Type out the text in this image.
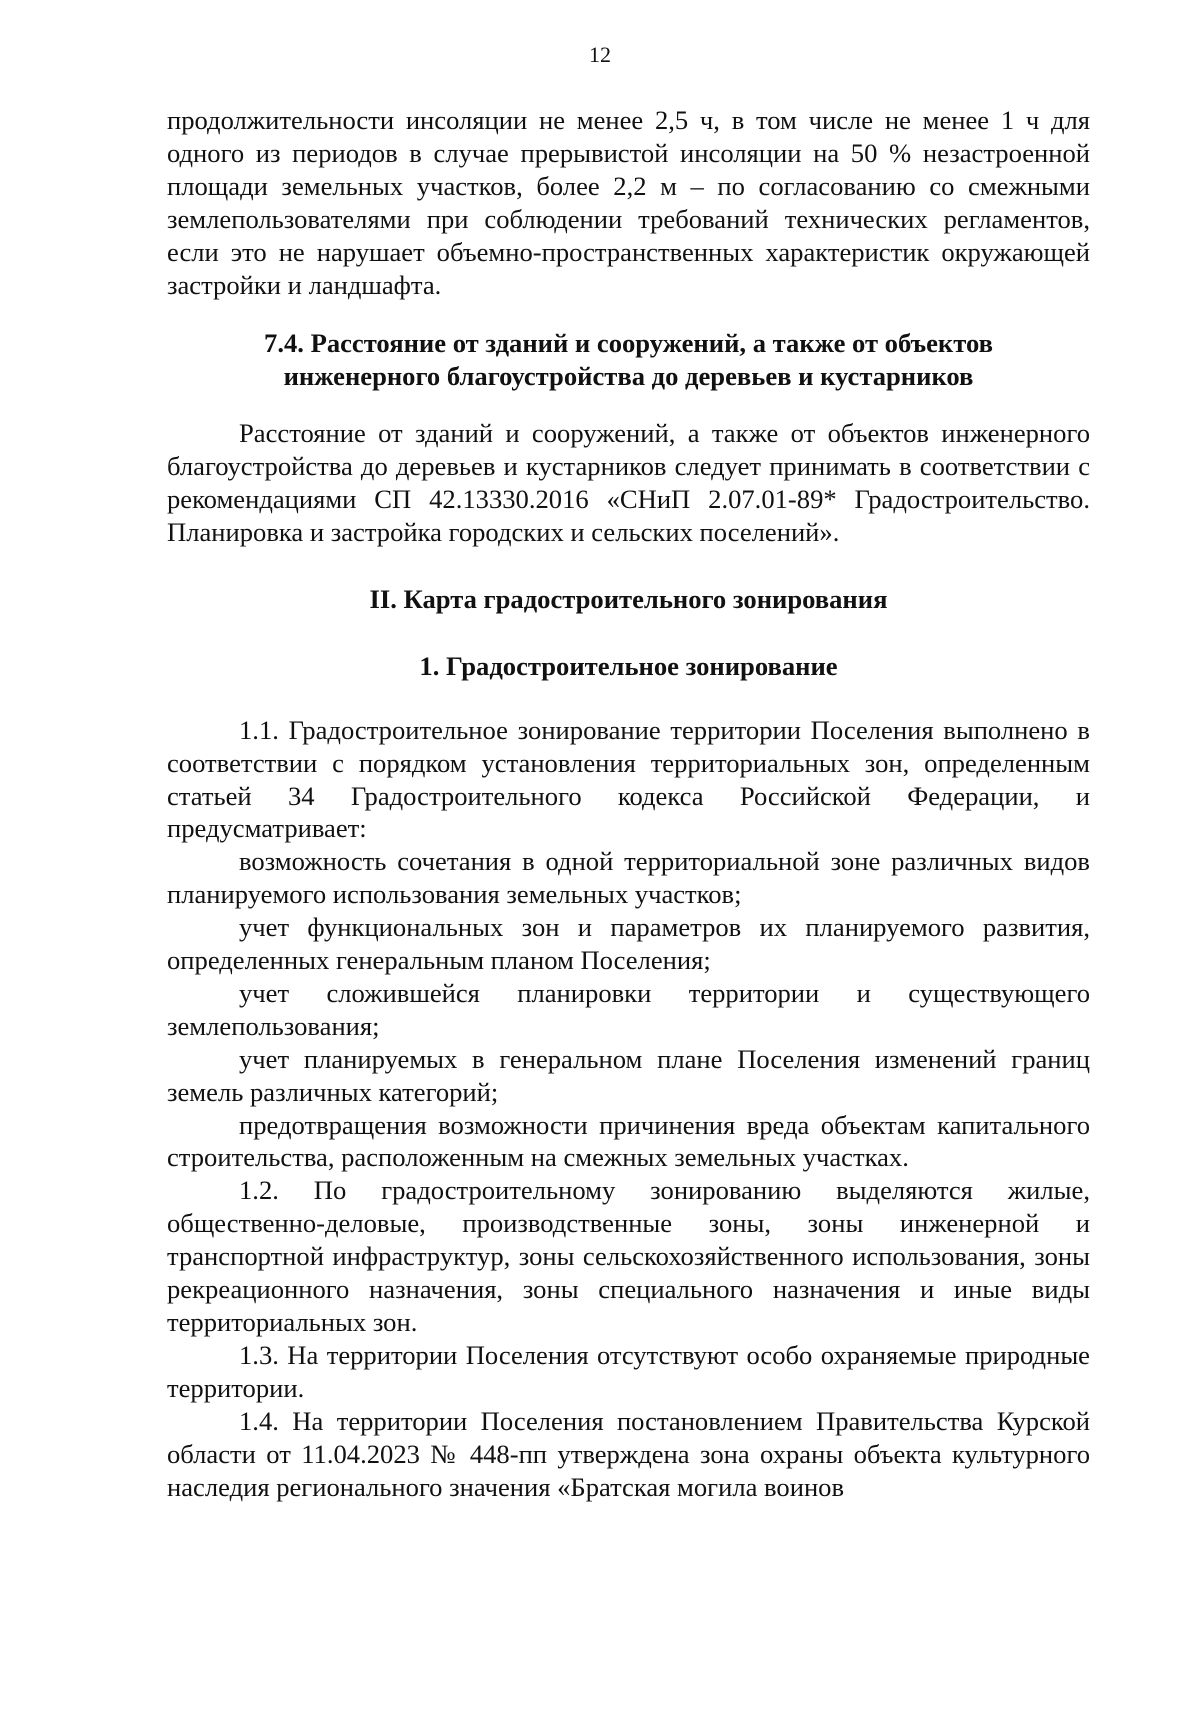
12

продолжительности инсоляции не менее 2,5 ч, в том числе не менее 1 ч для одного из периодов в случае прерывистой инсоляции на 50 % незастроенной площади земельных участков, более 2,2 м – по согласованию со смежными землепользователями при соблюдении требований технических регламентов, если это не нарушает объемно-пространственных характеристик окружающей застройки и ландшафта.

7.4. Расстояние от зданий и сооружений, а также от объектов
инженерного благоустройства до деревьев и кустарников

Расстояние от зданий и сооружений, а также от объектов инженерного благоустройства до деревьев и кустарников следует принимать в соответствии с рекомендациями СП 42.13330.2016 «СНиП 2.07.01-89* Градостроительство. Планировка и застройка городских и сельских поселений».

II. Карта градостроительного зонирования
1. Градостроительное зонирование

1.1. Градостроительное зонирование территории Поселения выполнено в соответствии с порядком установления территориальных зон, определенным статьей 34 Градостроительного кодекса Российской Федерации, и предусматривает:

возможность сочетания в одной территориальной зоне различных видов планируемого использования земельных участков;

учет функциональных зон и параметров их планируемого развития, определенных генеральным планом Поселения;

учет сложившейся планировки территории и существующего землепользования;

учет планируемых в генеральном плане Поселения изменений границ земель различных категорий;

предотвращения возможности причинения вреда объектам капитального строительства, расположенным на смежных земельных участках.

1.2. По градостроительному зонированию выделяются жилые, общественно-деловые, производственные зоны, зоны инженерной и транспортной инфраструктур, зоны сельскохозяйственного использования, зоны рекреационного назначения, зоны специального назначения и иные виды территориальных зон.

1.3. На территории Поселения отсутствуют особо охраняемые природные территории.

1.4. На территории Поселения постановлением Правительства Курской области от 11.04.2023 № 448-пп утверждена зона охраны объекта культурного наследия регионального значения «Братская могила воинов
